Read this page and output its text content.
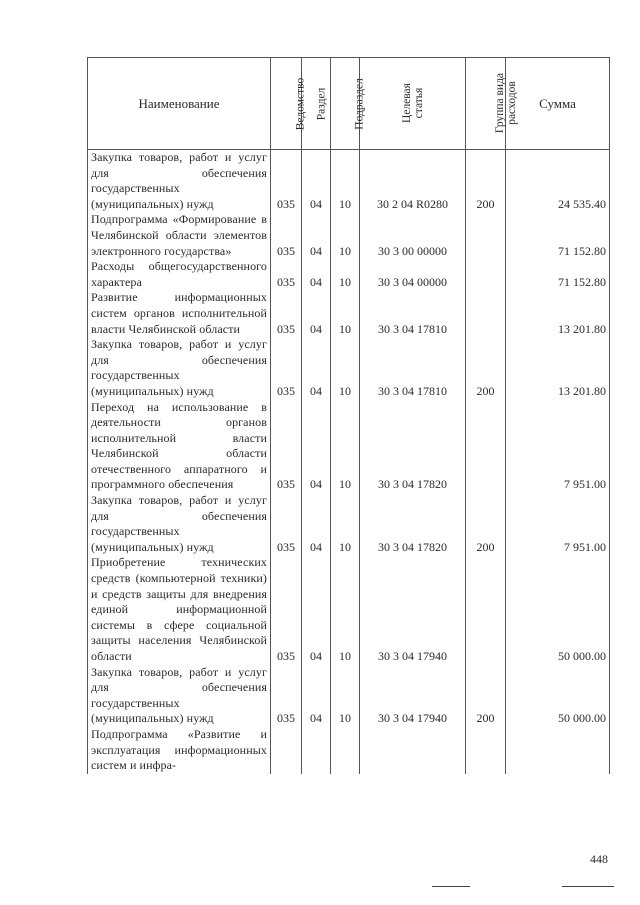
Наименование	Ведомство	Раздел	Подраздел	Целевая статья	Группа вида расходов	Сумма
Закупка товаров, работ и услуг для обеспечения государственных (муниципальных) нужд	035	04	10	30 2 04 R0280	200	24 535.40
Подпрограмма «Формирование в Челябинской области элементов электронного государства»	035	04	10	30 3 00 00000		71 152.80
Расходы общегосударственного характера	035	04	10	30 3 04 00000		71 152.80
Развитие информационных систем органов исполнительной власти Челябинской области	035	04	10	30 3 04 17810		13 201.80
Закупка товаров, работ и услуг для обеспечения государственных (муниципальных) нужд	035	04	10	30 3 04 17810	200	13 201.80
Переход на использование в деятельности органов исполнительной власти Челябинской области отечественного аппаратного и программного обеспечения	035	04	10	30 3 04 17820		7 951.00
Закупка товаров, работ и услуг для обеспечения государственных (муниципальных) нужд	035	04	10	30 3 04 17820	200	7 951.00
Приобретение технических средств (компьютерной техники) и средств защиты для внедрения единой информационной системы в сфере социальной защиты населения Челябинской области	035	04	10	30 3 04 17940		50 000.00
Закупка товаров, работ и услуг для обеспечения государственных (муниципальных) нужд	035	04	10	30 3 04 17940	200	50 000.00
Подпрограмма «Развитие и эксплуатация информационных систем и инфра-						
448
